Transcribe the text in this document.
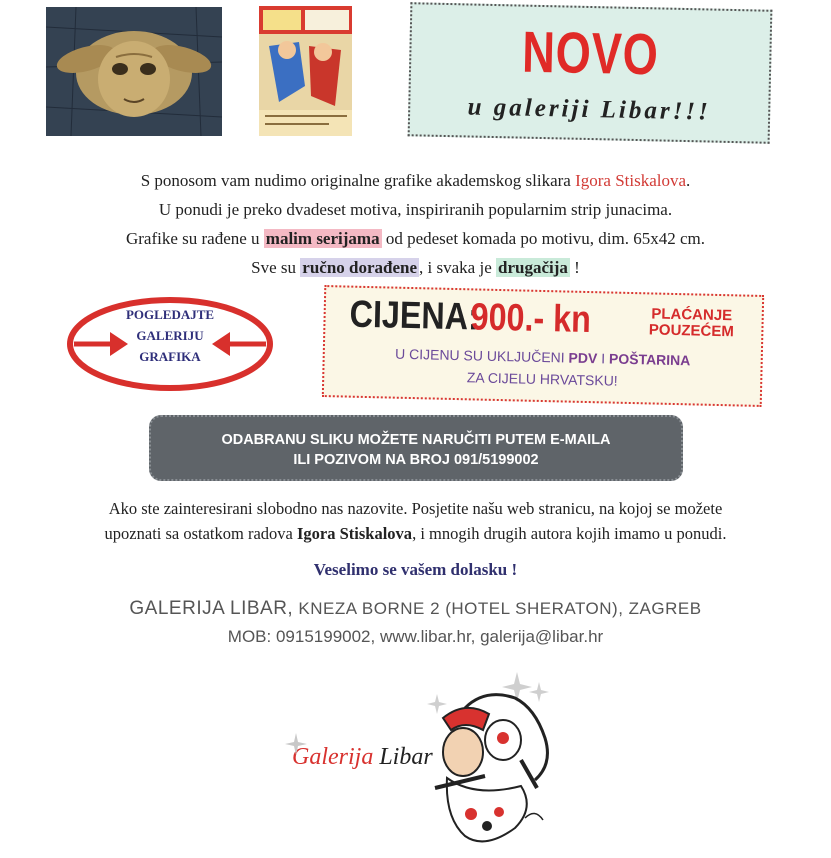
NOVO
u galeriji Libar!!!
S ponosom vam nudimo originalne grafike akademskog slikara Igora Stiskalova.
U ponudi je preko dvadeset motiva, inspiriranih popularnim strip junacima.
Grafike su rađene u malim serijama od pedeset komada po motivu, dim. 65x42 cm.
Sve su ručno dorađene , i svaka je drugačija !
POGLEDAJTE
GALERIJU
GRAFIKA
CIJENA:
900.- kn	PLAĆANJE
POUZEĆEM
U CIJENU SU UKLJUČENI PDV I POŠTARINA
ZA CIJELU HRVATSKU!
ODABRANU SLIKU MOŽETE NARUČITI PUTEM E-MAILA
ILI POZIVOM NA BROJ 091/5199002
Ako ste zainteresirani slobodno nas nazovite. Posjetite našu web stranicu, na kojoj se možete
upoznati sa ostatkom radova Igora Stiskalova, i mnogih drugih autora kojih imamo u ponudi.
Veselimo se vašem dolasku !
GALERIJA LIBAR, KNEZA BORNE 2 (HOTEL SHERATON), ZAGREB
MOB: 0915199002, www.libar.hr, galerija@libar.hr
Galerija Libar
